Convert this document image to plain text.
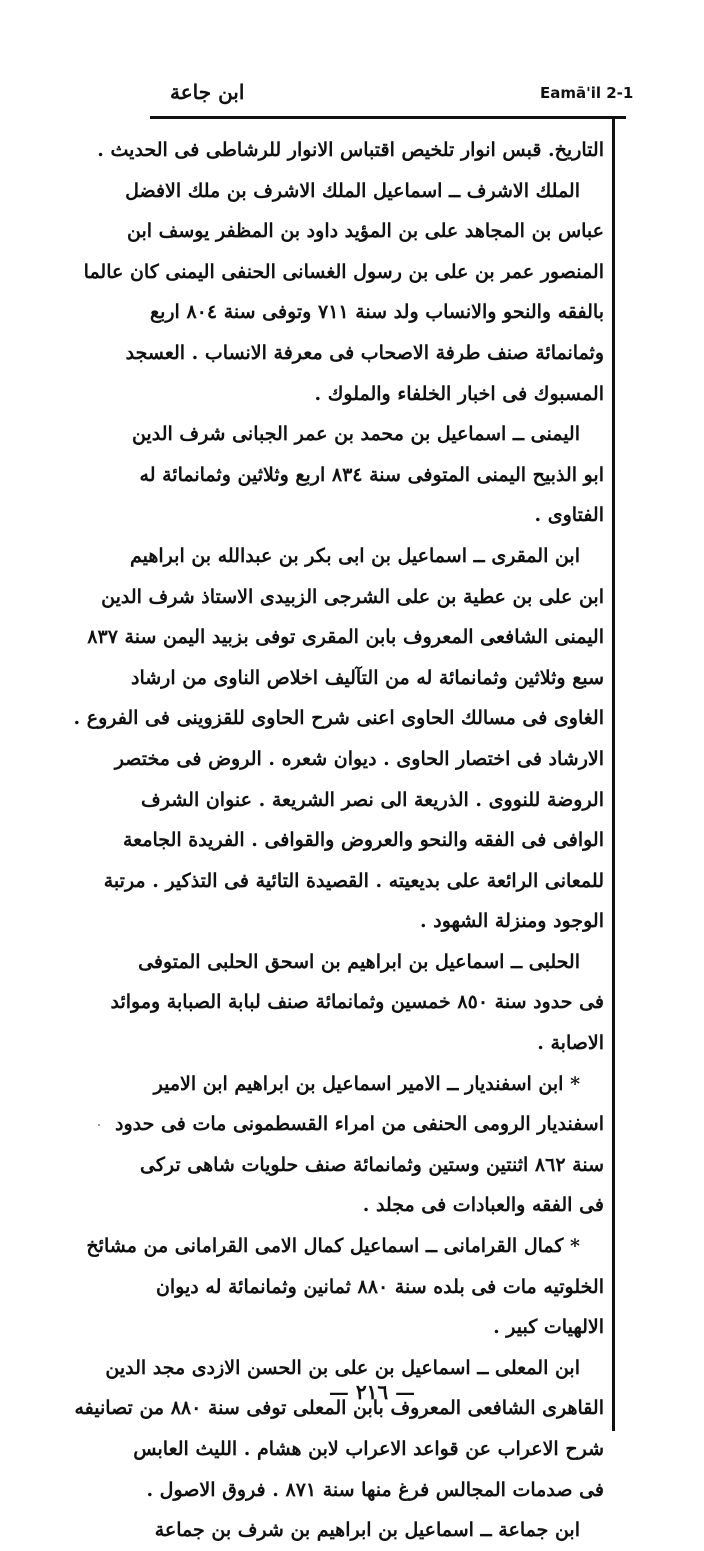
ابن جاعة	Eamā'il 2-1
التاريخ. قبس انوار تلخيص اقتباس الانوار للرشاطى فى الحديث .
الملك الاشرف ــ اسماعيل الملك الاشرف بن ملك الافضل
عباس بن المجاهد على بن المؤيد داود بن المظفر يوسف ابن
المنصور عمر بن على بن رسول الغسانى الحنفى اليمنى كان عالما
بالفقه والنحو والانساب ولد سنة ٧١١ وتوفى سنة ٨٠٤ اربع
وثمانمائة صنف طرفة الاصحاب فى معرفة الانساب . العسجد
المسبوك فى اخبار الخلفاء والملوك .
اليمنى ــ اسماعيل بن محمد بن عمر الجبانى شرف الدين
ابو الذبيح اليمنى المتوفى سنة ٨٣٤ اربع وثلاثين وثمانمائة له
الفتاوى .
ابن المقرى ــ اسماعيل بن ابى بكر بن عبدالله بن ابراهيم
ابن على بن عطية بن على الشرجى الزبيدى الاستاذ شرف الدين
اليمنى الشافعى المعروف بابن المقرى توفى بزبيد اليمن سنة ٨٣٧
سبع وثلاثين وثمانمائة له من التآليف اخلاص الناوى من ارشاد
الغاوى فى مسالك الحاوى اعنى شرح الحاوى للقزوينى فى الفروع .
الارشاد فى اختصار الحاوى . ديوان شعره . الروض فى مختصر
الروضة للنووى . الذريعة الى نصر الشريعة . عنوان الشرف
الوافى فى الفقه والنحو والعروض والقوافى . الفريدة الجامعة
للمعانى الرائعة على بديعيته . القصيدة التائية فى التذكير . مرتبة
الوجود ومنزلة الشهود .
الحلبى ــ اسماعيل بن ابراهيم بن اسحق الحلبى المتوفى
فى حدود سنة ٨٥٠ خمسين وثمانمائة صنف لبابة الصبابة وموائد
الاصابة .
* ابن اسفنديار ــ الامير اسماعيل بن ابراهيم ابن الامير
اسفنديار الرومى الحنفى من امراء القسطمونى مات فى حدود
سنة ٨٦٢ اثنتين وستين وثمانمائة صنف حلويات شاهى تركى
فى الفقه والعبادات فى مجلد .
* كمال القرامانى ــ اسماعيل كمال الامى القرامانى من مشائخ
الخلوتيه مات فى بلده سنة ٨٨٠ ثمانين وثمانمائة له ديوان
الالهيات كبير .
ابن المعلى ــ اسماعيل بن على بن الحسن الازدى مجد الدين
القاهرى الشافعى المعروف بابن المعلى توفى سنة ٨٨٠ من تصانيفه
شرح الاعراب عن قواعد الاعراب لابن هشام . الليث العابس
فى صدمات المجالس فرغ منها سنة ٨٧١ . فروق الاصول .
ابن جماعة ــ اسماعيل بن ابراهيم بن شرف بن جماعة
— ٢١٦ —
